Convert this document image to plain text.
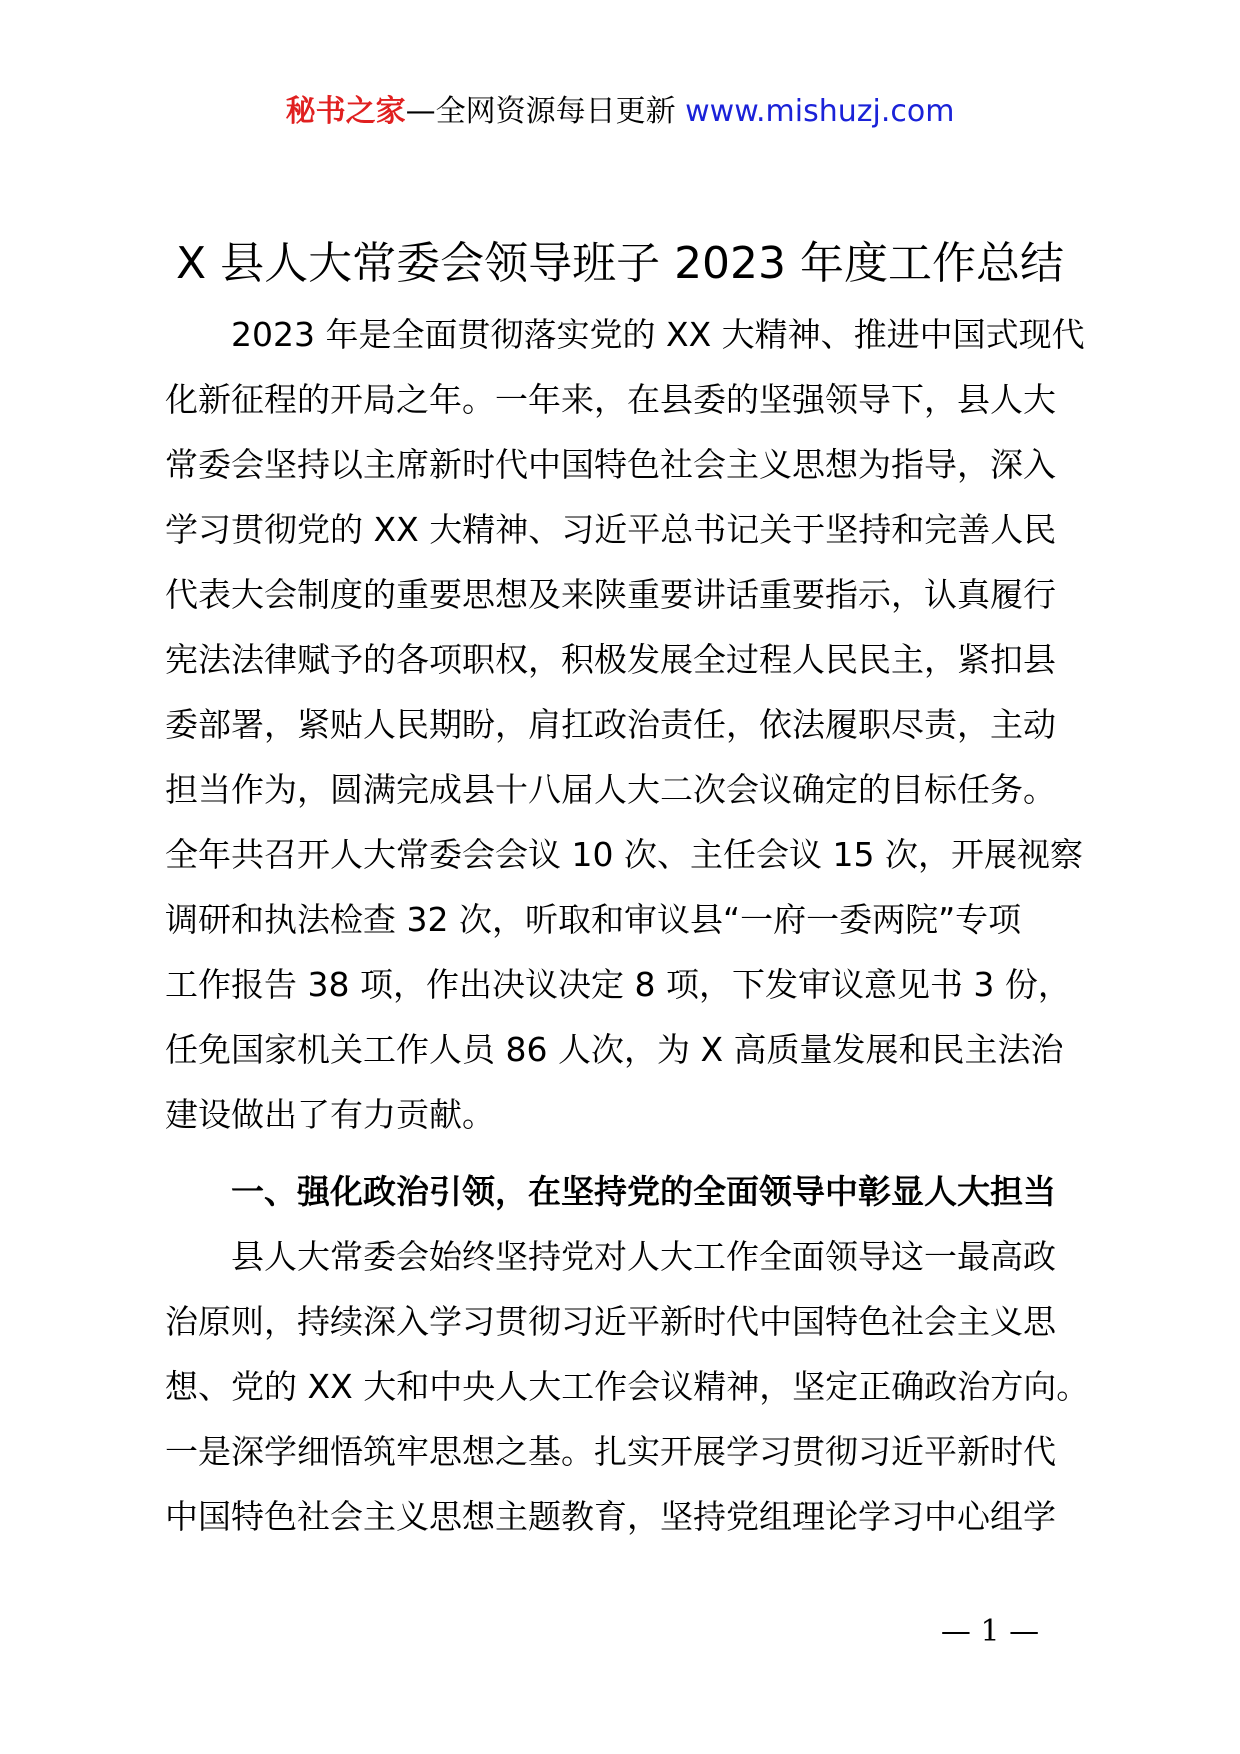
秘书之家—全网资源每日更新 www.mishuzj.com
X 县人大常委会领导班子 2023 年度工作总结
2023 年是全面贯彻落实党的 XX 大精神、推进中国式现代
化新征程的开局之年。一年来，在县委的坚强领导下，县人大
常委会坚持以主席新时代中国特色社会主义思想为指导，深入
学习贯彻党的 XX 大精神、习近平总书记关于坚持和完善人民
代表大会制度的重要思想及来陕重要讲话重要指示，认真履行
宪法法律赋予的各项职权，积极发展全过程人民民主，紧扣县
委部署，紧贴人民期盼，肩扛政治责任，依法履职尽责，主动
担当作为，圆满完成县十八届人大二次会议确定的目标任务。
全年共召开人大常委会会议 10 次、主任会议 15 次，开展视察
调研和执法检查 32 次，听取和审议县“一府一委两院”专项
工作报告 38 项，作出决议决定 8 项，下发审议意见书 3 份，
任免国家机关工作人员 86 人次，为 X 高质量发展和民主法治
建设做出了有力贡献。
一、强化政治引领，在坚持党的全面领导中彰显人大担当
县人大常委会始终坚持党对人大工作全面领导这一最高政
治原则，持续深入学习贯彻习近平新时代中国特色社会主义思
想、党的 XX 大和中央人大工作会议精神，坚定正确政治方向。
一是深学细悟筑牢思想之基。扎实开展学习贯彻习近平新时代
中国特色社会主义思想主题教育，坚持党组理论学习中心组学
— 1 —
